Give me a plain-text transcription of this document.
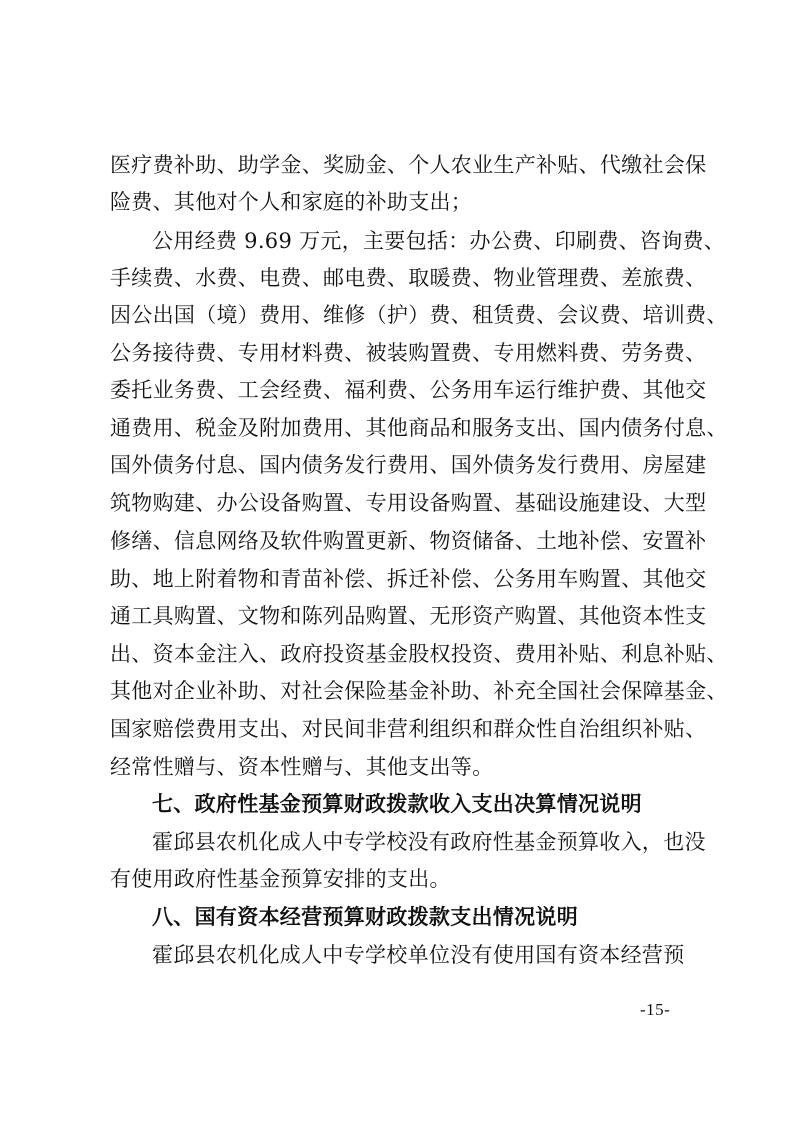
医疗费补助、助学金、奖励金、个人农业生产补贴、代缴社会保
险费、其他对个人和家庭的补助支出；
公用经费 9.69 万元，主要包括：办公费、印刷费、咨询费、
手续费、水费、电费、邮电费、取暖费、物业管理费、差旅费、
因公出国（境）费用、维修（护）费、租赁费、会议费、培训费、
公务接待费、专用材料费、被装购置费、专用燃料费、劳务费、
委托业务费、工会经费、福利费、公务用车运行维护费、其他交
通费用、税金及附加费用、其他商品和服务支出、国内债务付息、
国外债务付息、国内债务发行费用、国外债务发行费用、房屋建
筑物购建、办公设备购置、专用设备购置、基础设施建设、大型
修缮、信息网络及软件购置更新、物资储备、土地补偿、安置补
助、地上附着物和青苗补偿、拆迁补偿、公务用车购置、其他交
通工具购置、文物和陈列品购置、无形资产购置、其他资本性支
出、资本金注入、政府投资基金股权投资、费用补贴、利息补贴、
其他对企业补助、对社会保险基金补助、补充全国社会保障基金、
国家赔偿费用支出、对民间非营利组织和群众性自治组织补贴、
经常性赠与、资本性赠与、其他支出等。
七、政府性基金预算财政拨款收入支出决算情况说明
霍邱县农机化成人中专学校没有政府性基金预算收入，也没
有使用政府性基金预算安排的支出。
八、国有资本经营预算财政拨款支出情况说明
霍邱县农机化成人中专学校单位没有使用国有资本经营预
-15-
